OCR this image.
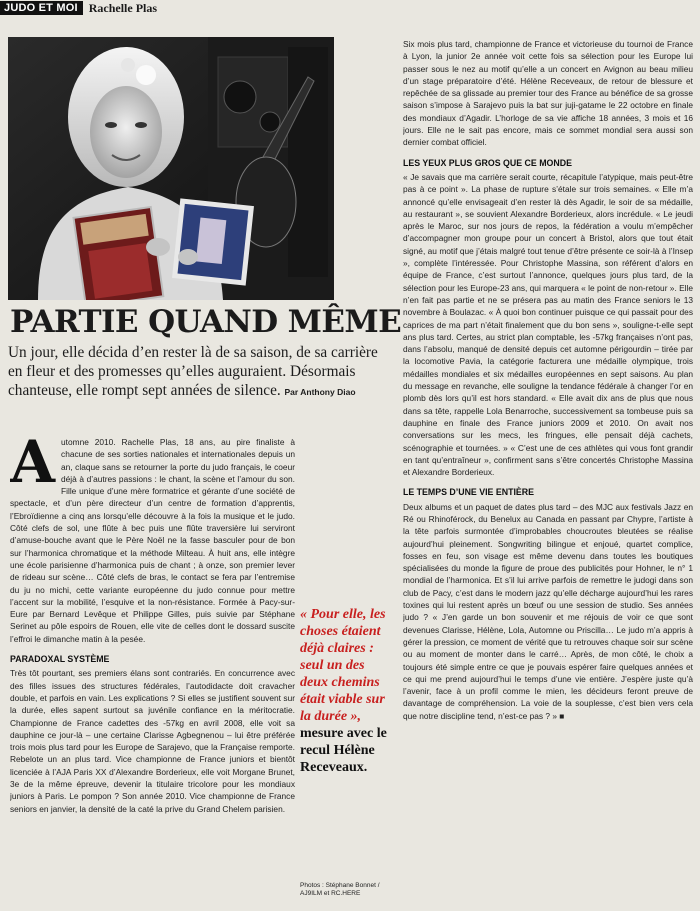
JUDO ET MOI Rachelle Plas
PARTIE QUAND MÊME
Un jour, elle décida d’en rester là de sa saison, de sa carrière en fleur et des promesses qu’elles auguraient. Désormais chanteuse, elle rompt sept années de silence. Par Anthony Diao

Automne 2010. Rachelle Plas, 18 ans, au pire finaliste à chacune de ses sorties nationales et internationales depuis un an, claque sans se retourner la porte du judo français, le coeur déjà à d’autres passions : le chant, la scène et l’amour du son. Fille unique d’une mère formatrice et gérante d’une société de spectacle, et d’un père directeur d’un centre de formation d’apprentis, l’Ebroïdienne a cinq ans lorsqu’elle découvre à la fois la musique et le judo. Côté clefs de sol, une flûte à bec puis une flûte traversière lui serviront d’amuse-bouche avant que le Père Noël ne la fasse basculer pour de bon sur l’harmonica chromatique et la méthode Milteau. À huit ans, elle intègre une école parisienne d’harmonica puis de chant ; à onze, son premier lever de rideau sur scène… Côté clefs de bras, le contact se fera par l’entremise du ju no michi, cette variante européenne du judo connue pour mettre l’accent sur la mobilité, l’esquive et la non-résistance. Formée à Pacy-sur-Eure par Bernard Levêque et Philippe Gilles, puis suivie par Stéphane Serinet au pôle espoirs de Rouen, elle vite de celles dont le dossard suscite l’effroi le dimanche matin à la pesée.

PARADOXAL SYSTÈME

Très tôt pourtant, ses premiers élans sont contrariés. En concurrence avec des filles issues des structures fédérales, l’autodidacte doit cravacher double, et parfois en vain. Les explications ? Si elles se justifient souvent sur la durée, elles sapent surtout sa juvénile confiance en la méritocratie. Championne de France cadettes des -57kg en avril 2008, elle voit sa dauphine ce jour-là – une certaine Clarisse Agbegnenou – lui être préférée trois mois plus tard pour les Europe de Sarajevo, que la Française remporte. Rebelote un an plus tard. Vice championne de France juniors et bientôt licenciée à l’AJA Paris XX d’Alexandre Borderieux, elle voit Morgane Brunet, 3e de la même épreuve, devenir la titulaire tricolore pour les mondiaux juniors à Paris. Le pompon ? Son année 2010. Vice championne de France seniors en janvier, la densité de la caté la prive du Grand Chelem parisien.

« Pour elle, les choses étaient déjà claires : seul un des deux chemins était viable sur la durée », mesure avec le recul Hélène Receveaux.
Photos : Stéphane Bonnet / AJ9ILM et RC.HERE

Six mois plus tard, championne de France et victorieuse du tournoi de France à Lyon, la junior 2e année voit cette fois sa sélection pour les Europe lui passer sous le nez au motif qu’elle a un concert en Avignon au beau milieu d’un stage préparatoire d’été. Hélène Receveaux, de retour de blessure et repêchée de sa glissade au premier tour des France au bénéfice de sa grosse saison s’impose à Sarajevo puis la bat sur juji-gatame le 22 octobre en finale des mondiaux d’Agadir. L’horloge de sa vie affiche 18 années, 3 mois et 16 jours. Elle ne le sait pas encore, mais ce sommet mondial sera aussi son dernier combat officiel.

LES YEUX PLUS GROS QUE CE MONDE

« Je savais que ma carrière serait courte, récapitule l’atypique, mais peut-être pas à ce point ». La phase de rupture s’étale sur trois semaines. « Elle m’a annoncé qu’elle envisageait d’en rester là dès Agadir, le soir de sa médaille, au restaurant », se souvient Alexandre Borderieux, alors incrédule. « Le jeudi après le Maroc, sur nos jours de repos, la fédération a voulu m’empêcher d’accompagner mon groupe pour un concert à Bristol, alors que tout était signé, au motif que j’étais malgré tout tenue d’être présente ce soir-là à l’Insep », complète l’intéressée. Pour Christophe Massina, son référent d’alors en équipe de France, c’est surtout l’annonce, quelques jours plus tard, de la sélection pour les Europe-23 ans, qui marquera « le point de non-retour ». Elle n’en fait pas partie et ne se présera pas au matin des France seniors le 13 novembre à Boulazac. « À quoi bon continuer puisque ce qui passait pour des caprices de ma part n’était finalement que du bon sens », souligne-t-elle sept ans plus tard. Certes, au strict plan comptable, les -57kg françaises n’ont pas, dans l’absolu, manqué de densité depuis cet automne périgourdin – tirée par la locomotive Pavia, la catégorie facturera une médaille olympique, trois médailles mondiales et six médailles européennes en sept saisons. Au plan du message en revanche, elle souligne la tendance fédérale à changer l’or en plomb dès lors qu’il est hors standard. « Elle avait dix ans de plus que nous dans sa tête, rappelle Lola Benarroche, successivement sa tombeuse puis sa dauphine en finale des France juniors 2009 et 2010. On avait nos conversations sur les mecs, les fringues, elle pensait déjà cachets, scénographie et tournées. » « C’est une de ces athlètes qui vous font grandir en tant qu’entraîneur », confirment sans s’être concertés Christophe Massina et Alexandre Borderieux.

LE TEMPS D’UNE VIE ENTIÈRE

Deux albums et un paquet de dates plus tard – des MJC aux festivals Jazz en Ré ou Rhinoférock, du Benelux au Canada en passant par Chypre, l’artiste à la tête parfois surmontée d’improbables choucroutes bleutées se réalise aujourd’hui pleinement. Songwriting bilingue et enjoué, quartet complice, fosses en feu, son visage est même devenu dans toutes les boutiques spécialisées du monde la figure de proue des publicités pour Hohner, le n° 1 mondial de l’harmonica. Et s’il lui arrive parfois de remettre le judogi dans son club de Pacy, c’est dans le modern jazz qu’elle décharge aujourd’hui les rares toxines qui lui restent après un bœuf ou une session de studio. Ses années judo ? « J’en garde un bon souvenir et me réjouis de voir ce que sont devenues Clarisse, Hélène, Lola, Automne ou Priscilla… Le judo m’a appris à gérer la pression, ce moment de vérité que tu retrouves chaque soir sur scène ou au moment de monter dans le carré… Après, de mon côté, le choix a toujours été simple entre ce que je pouvais espérer faire quelques années et ce qui me prend aujourd’hui le temps d’une vie entière. J’espère juste qu’à l’avenir, face à un profil comme le mien, les décideurs feront preuve de davantage de compréhension. La voie de la souplesse, c’est bien vers cela que notre discipline tend, n’est-ce pas ? » ■
